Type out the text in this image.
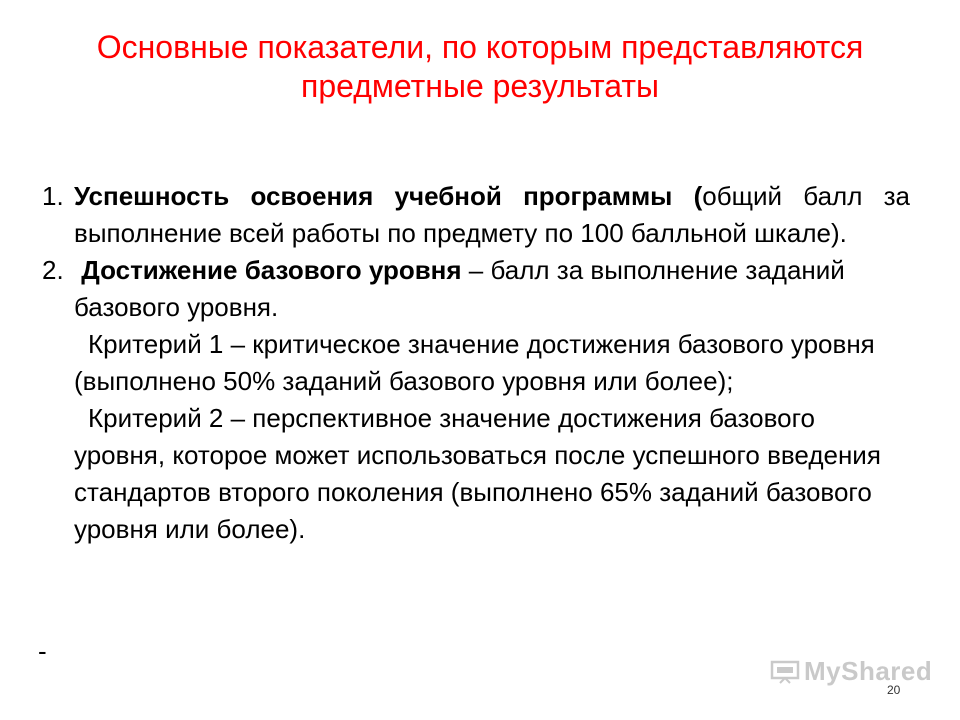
Основные показатели, по которым представляются предметные результаты
1. Успешность освоения учебной программы (общий балл за выполнение всей работы по предмету по 100 балльной шкале).
2. Достижение базового уровня – балл за выполнение заданий базового уровня.
Критерий 1 – критическое значение достижения базового уровня (выполнено 50% заданий базового уровня или более);
Критерий 2 – перспективное значение достижения базового уровня, которое может использоваться после успешного введения стандартов второго поколения (выполнено 65% заданий базового уровня или более).
-
MyShared
20
